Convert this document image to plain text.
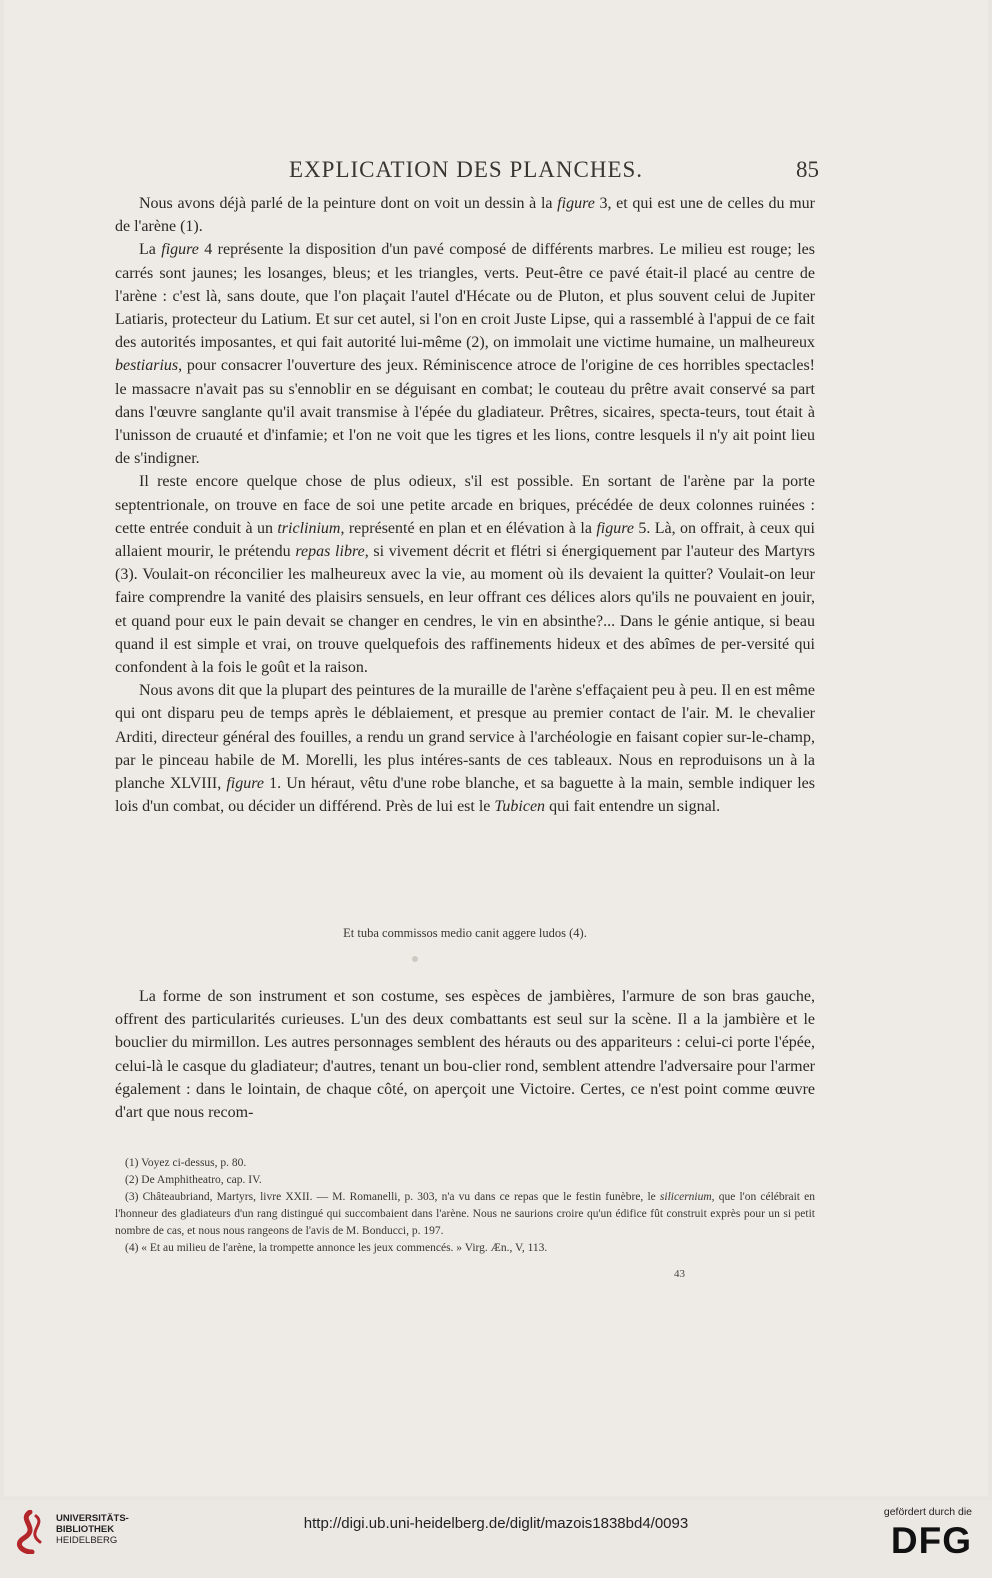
EXPLICATION DES PLANCHES.	85

Nous avons déjà parlé de la peinture dont on voit un dessin à la figure 3, et qui est une de celles du mur de l'arène (1).

La figure 4 représente la disposition d'un pavé composé de différents marbres. Le milieu est rouge; les carrés sont jaunes; les losanges, bleus; et les triangles, verts. Peut-être ce pavé était-il placé au centre de l'arène : c'est là, sans doute, que l'on plaçait l'autel d'Hécate ou de Pluton, et plus souvent celui de Jupiter Latiaris, protecteur du Latium. Et sur cet autel, si l'on en croit Juste Lipse, qui a rassemblé à l'appui de ce fait des autorités imposantes, et qui fait autorité lui-même (2), on immolait une victime humaine, un malheureux bestiarius, pour consacrer l'ouverture des jeux. Réminiscence atroce de l'origine de ces horribles spectacles! le massacre n'avait pas su s'ennoblir en se déguisant en combat; le couteau du prêtre avait conservé sa part dans l'œuvre sanglante qu'il avait transmise à l'épée du gladiateur. Prêtres, sicaires, specta-teurs, tout était à l'unisson de cruauté et d'infamie; et l'on ne voit que les tigres et les lions, contre lesquels il n'y ait point lieu de s'indigner.

Il reste encore quelque chose de plus odieux, s'il est possible. En sortant de l'arène par la porte septentrionale, on trouve en face de soi une petite arcade en briques, précédée de deux colonnes ruinées : cette entrée conduit à un triclinium, représenté en plan et en élévation à la figure 5. Là, on offrait, à ceux qui allaient mourir, le prétendu repas libre, si vivement décrit et flétri si énergiquement par l'auteur des Martyrs (3). Voulait-on réconcilier les malheureux avec la vie, au moment où ils devaient la quitter? Voulait-on leur faire comprendre la vanité des plaisirs sensuels, en leur offrant ces délices alors qu'ils ne pouvaient en jouir, et quand pour eux le pain devait se changer en cendres, le vin en absinthe?... Dans le génie antique, si beau quand il est simple et vrai, on trouve quelquefois des raffinements hideux et des abîmes de per-versité qui confondent à la fois le goût et la raison.

Nous avons dit que la plupart des peintures de la muraille de l'arène s'effaçaient peu à peu. Il en est même qui ont disparu peu de temps après le déblaiement, et presque au premier contact de l'air. M. le chevalier Arditi, directeur général des fouilles, a rendu un grand service à l'archéologie en faisant copier sur-le-champ, par le pinceau habile de M. Morelli, les plus intéres-sants de ces tableaux. Nous en reproduisons un à la planche XLVIII, figure 1. Un héraut, vêtu d'une robe blanche, et sa baguette à la main, semble indiquer les lois d'un combat, ou décider un différend. Près de lui est le Tubicen qui fait entendre un signal.

Et tuba commissos medio canit aggere ludos (4).

La forme de son instrument et son costume, ses espèces de jambières, l'armure de son bras gauche, offrent des particularités curieuses. L'un des deux combattants est seul sur la scène. Il a la jambière et le bouclier du mirmillon. Les autres personnages semblent des hérauts ou des appariteurs : celui-ci porte l'épée, celui-là le casque du gladiateur; d'autres, tenant un bou-clier rond, semblent attendre l'adversaire pour l'armer également : dans le lointain, de chaque côté, on aperçoit une Victoire. Certes, ce n'est point comme œuvre d'art que nous recom-

(1) Voyez ci-dessus, p. 80.

(2) De Amphitheatro, cap. IV.

(3) Châteaubriand, Martyrs, livre XXII. — M. Romanelli, p. 303, n'a vu dans ce repas que le festin funèbre, le silicernium, que l'on célébrait en l'honneur des gladiateurs d'un rang distingué qui succombaient dans l'arène. Nous ne saurions croire qu'un édifice fût construit exprès pour un si petit nombre de cas, et nous nous rangeons de l'avis de M. Bonducci, p. 197.

(4) « Et au milieu de l'arène, la trompette annonce les jeux commencés. » Virg. Æn., V, 113.

43
UNIVERSITÄTS-
BIBLIOTHEK
HEIDELBERG
http://digi.ub.uni-heidelberg.de/diglit/mazois1838bd4/0093
gefördert durch die
DFG
